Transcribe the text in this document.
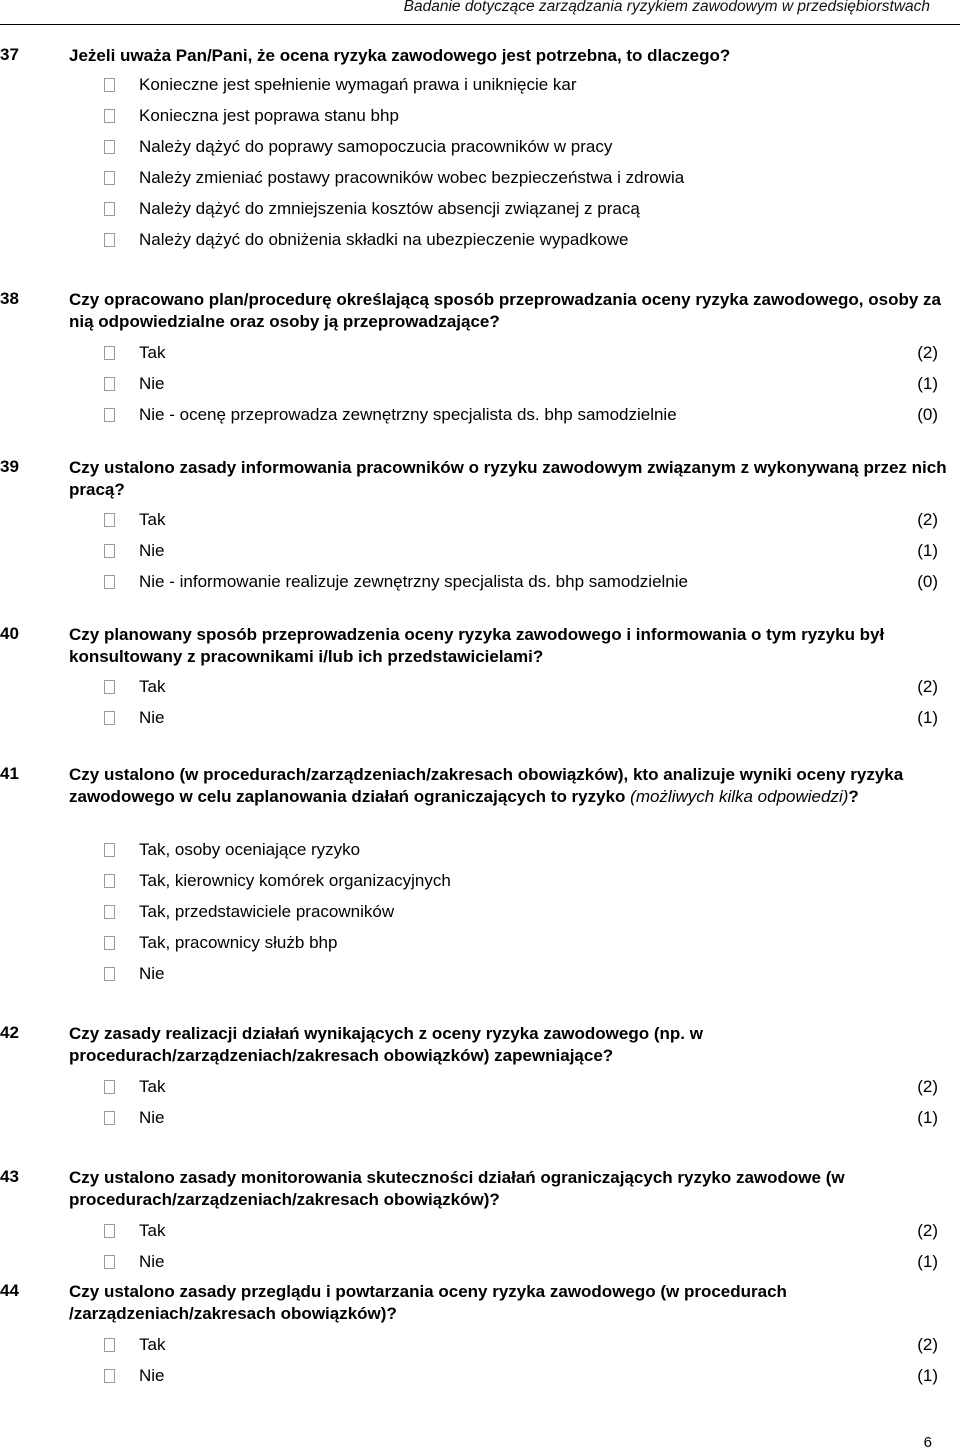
Badanie dotyczące zarządzania ryzykiem zawodowym w przedsiębiorstwach
37	Jeżeli uważa Pan/Pani, że ocena ryzyka zawodowego jest potrzebna, to dlaczego?
Konieczne jest spełnienie wymagań prawa i uniknięcie kar
Konieczna jest poprawa stanu bhp
Należy dążyć do poprawy samopoczucia pracowników w pracy
Należy zmieniać postawy pracowników wobec bezpieczeństwa i zdrowia
Należy dążyć do zmniejszenia kosztów absencji związanej z pracą
Należy dążyć do obniżenia składki na ubezpieczenie wypadkowe
38	Czy opracowano plan/procedurę określającą sposób przeprowadzania oceny ryzyka zawodowego, osoby za nią odpowiedzialne oraz osoby ją przeprowadzające?
Tak	(2)
Nie	(1)
Nie - ocenę przeprowadza zewnętrzny specjalista ds. bhp samodzielnie	(0)
39	Czy ustalono zasady informowania pracowników o ryzyku zawodowym związanym z wykonywaną przez nich pracą?
Tak	(2)
Nie	(1)
Nie - informowanie realizuje zewnętrzny specjalista ds. bhp samodzielnie	(0)
40	Czy planowany sposób przeprowadzenia oceny ryzyka zawodowego i informowania o tym ryzyku był konsultowany z pracownikami i/lub ich przedstawicielami?
Tak	(2)
Nie	(1)
41	Czy ustalono (w procedurach/zarządzeniach/zakresach obowiązków), kto analizuje wyniki oceny ryzyka zawodowego w celu zaplanowania działań ograniczających to ryzyko (możliwych kilka odpowiedzi)?
Tak, osoby oceniające ryzyko
Tak, kierownicy komórek organizacyjnych
Tak, przedstawiciele pracowników
Tak, pracownicy służb bhp
Nie
42	Czy zasady realizacji działań wynikających z oceny ryzyka zawodowego (np. w procedurach/zarządzeniach/zakresach obowiązków) zapewniające?
Tak	(2)
Nie	(1)
43	Czy ustalono zasady monitorowania skuteczności działań ograniczających ryzyko zawodowe (w procedurach/zarządzeniach/zakresach obowiązków)?
Tak	(2)
Nie	(1)
44	Czy ustalono zasady przeglądu i powtarzania oceny ryzyka zawodowego (w procedurach /zarządzeniach/zakresach obowiązków)?
Tak	(2)
Nie	(1)
6
